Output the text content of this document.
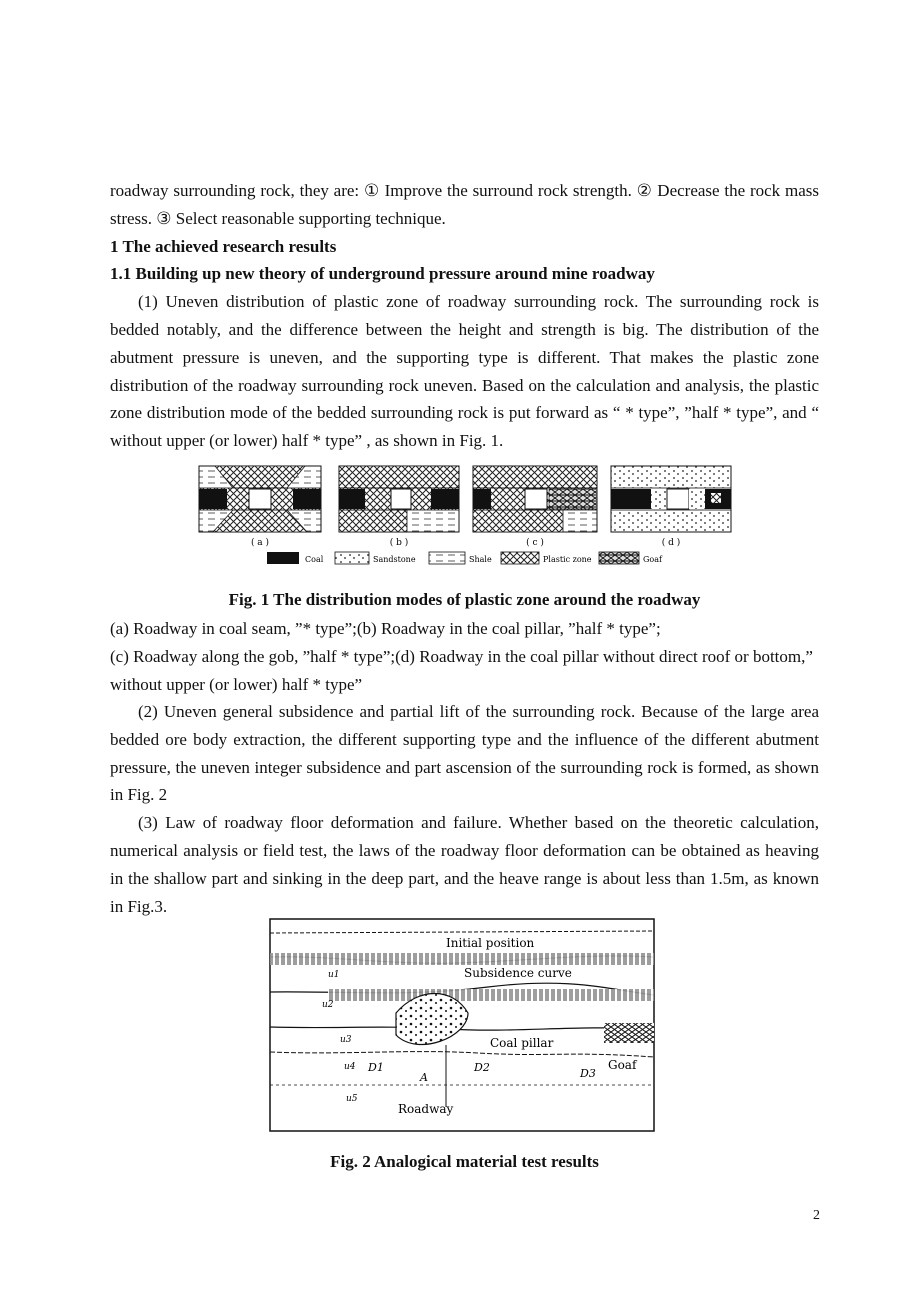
roadway surrounding rock, they are: ① Improve the surround rock strength. ② Decrease the rock mass stress. ③ Select reasonable supporting technique.

1 The achieved research results

1.1 Building up new theory of underground pressure around mine roadway

(1) Uneven distribution of plastic zone of roadway surrounding rock. The surrounding rock is bedded notably, and the difference between the height and strength is big. The distribution of the abutment pressure is uneven, and the supporting type is different. That makes the plastic zone distribution of the roadway surrounding rock uneven. Based on the calculation and analysis, the plastic zone distribution mode of the bedded surrounding rock is put forward as “ * type”, ”half * type”, and “ without upper (or lower) half * type” , as shown in Fig. 1.

( a )	( b )	( c )	( d )
Coal	Sandstone	Shale	Plastic zone	Goaf
Fig. 1 The distribution modes of plastic zone around the roadway
(a) Roadway in coal seam, ”* type”;(b) Roadway in the coal pillar, ”half * type”;
(c) Roadway along the gob, ”half * type”;(d) Roadway in the coal pillar without direct roof or bottom,” without upper (or lower) half * type”

(2) Uneven general subsidence and partial lift of the surrounding rock. Because of the large area bedded ore body extraction, the different supporting type and the influence of the different abutment pressure, the uneven integer subsidence and part ascension of the surrounding rock is formed, as shown in Fig. 2

(3) Law of roadway floor deformation and failure. Whether based on the theoretic calculation, numerical analysis or field test, the laws of the roadway floor deformation can be obtained as heaving in the shallow part and sinking in the deep part, and the heave range is about less than 1.5m, as known in Fig.3.

Initial position
Subsidence curve
Coal pillar
Goaf
Roadway
u1
u2
u3
u4
u5
D1	D2	D3
A
Fig. 2 Analogical material test results
2
